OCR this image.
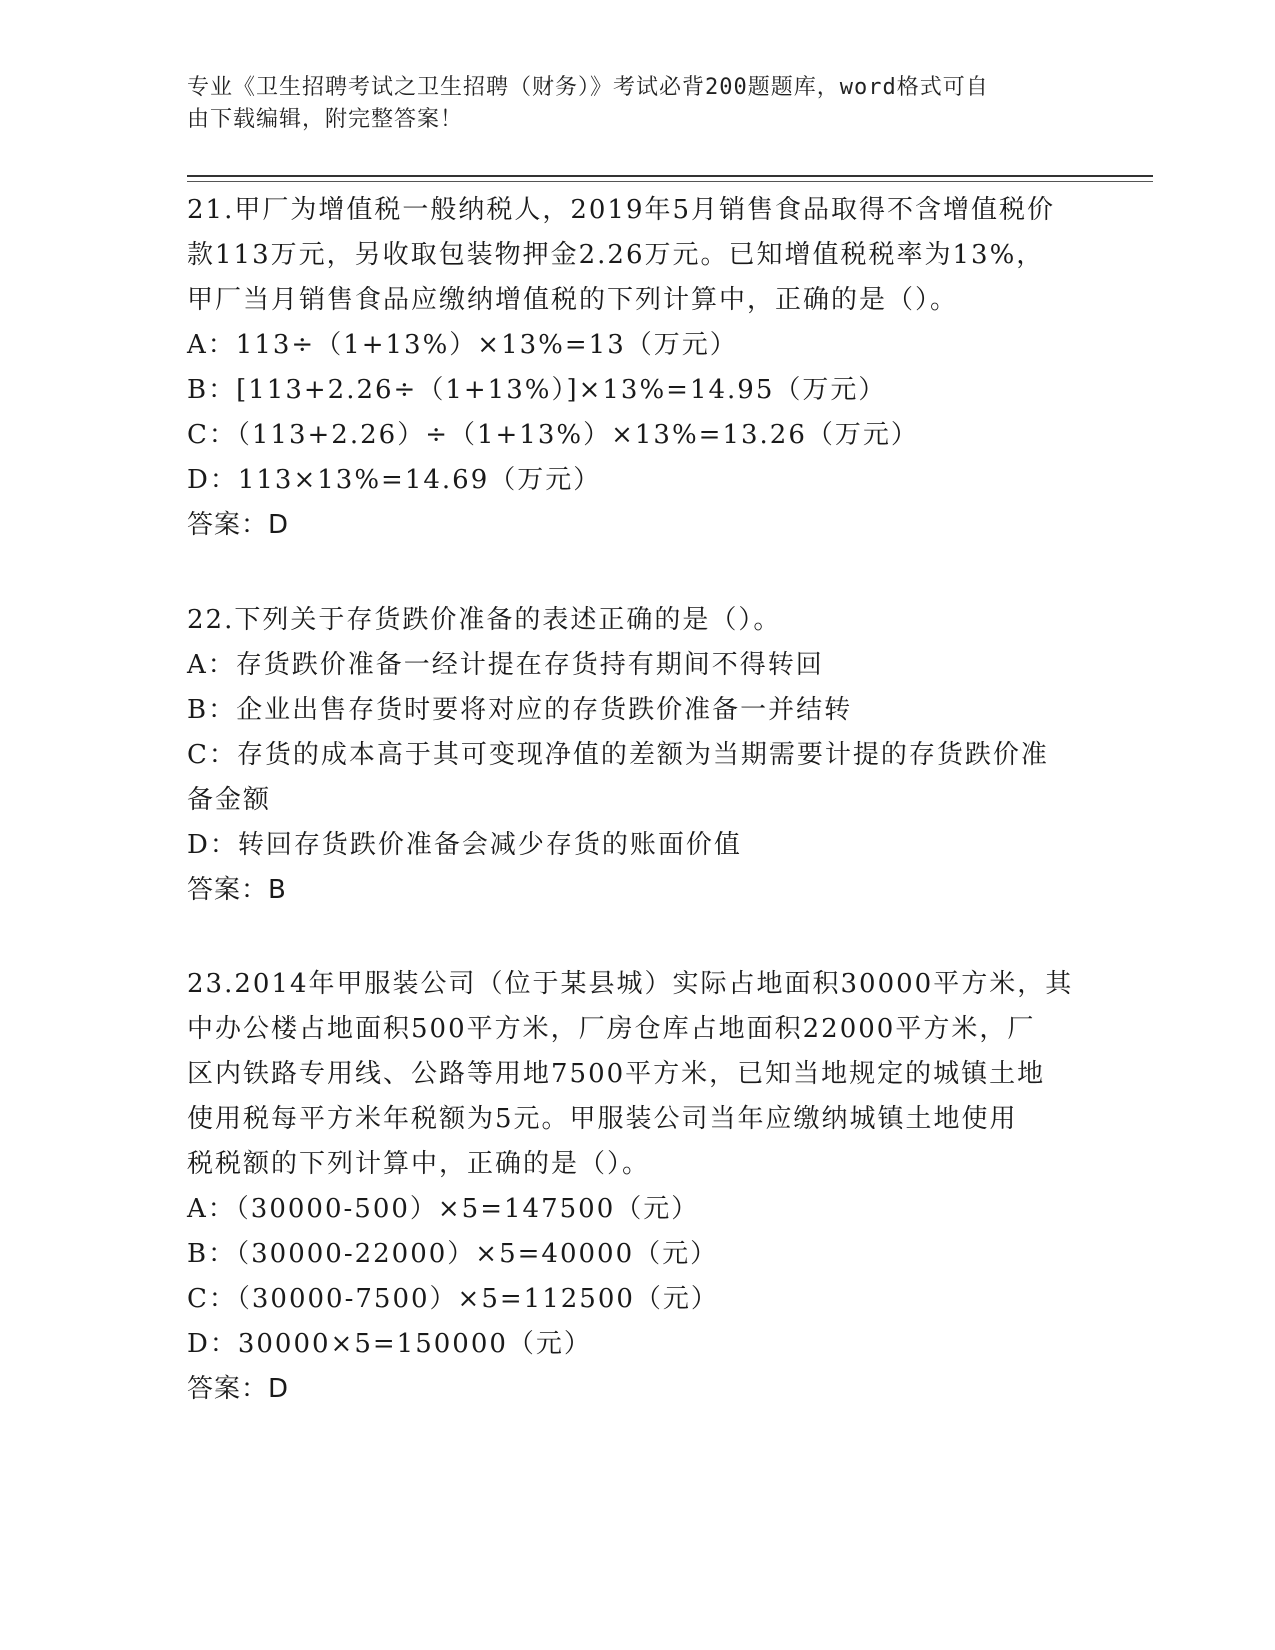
专业《卫生招聘考试之卫生招聘（财务）》考试必背200题题库，word格式可自
由下载编辑，附完整答案！

21.甲厂为增值税一般纳税人，2019年5月销售食品取得不含增值税价

款113万元，另收取包装物押金2.26万元。已知增值税税率为13%，

甲厂当月销售食品应缴纳增值税的下列计算中，正确的是（）。

A：113÷（1+13%）×13%=13（万元）

B：[113+2.26÷（1+13%）]×13%=14.95（万元）

C：（113+2.26）÷（1+13%）×13%=13.26（万元）

D：113×13%=14.69（万元）

答案：D

22.下列关于存货跌价准备的表述正确的是（）。

A：存货跌价准备一经计提在存货持有期间不得转回

B：企业出售存货时要将对应的存货跌价准备一并结转

C：存货的成本高于其可变现净值的差额为当期需要计提的存货跌价准

备金额

D：转回存货跌价准备会减少存货的账面价值

答案：B

23.2014年甲服装公司（位于某县城）实际占地面积30000平方米，其

中办公楼占地面积500平方米，厂房仓库占地面积22000平方米，厂

区内铁路专用线、公路等用地7500平方米，已知当地规定的城镇土地

使用税每平方米年税额为5元。甲服装公司当年应缴纳城镇土地使用

税税额的下列计算中，正确的是（）。

A：（30000-500）×5=147500（元）

B：（30000-22000）×5=40000（元）

C：（30000-7500）×5=112500（元）

D：30000×5=150000（元）

答案：D
